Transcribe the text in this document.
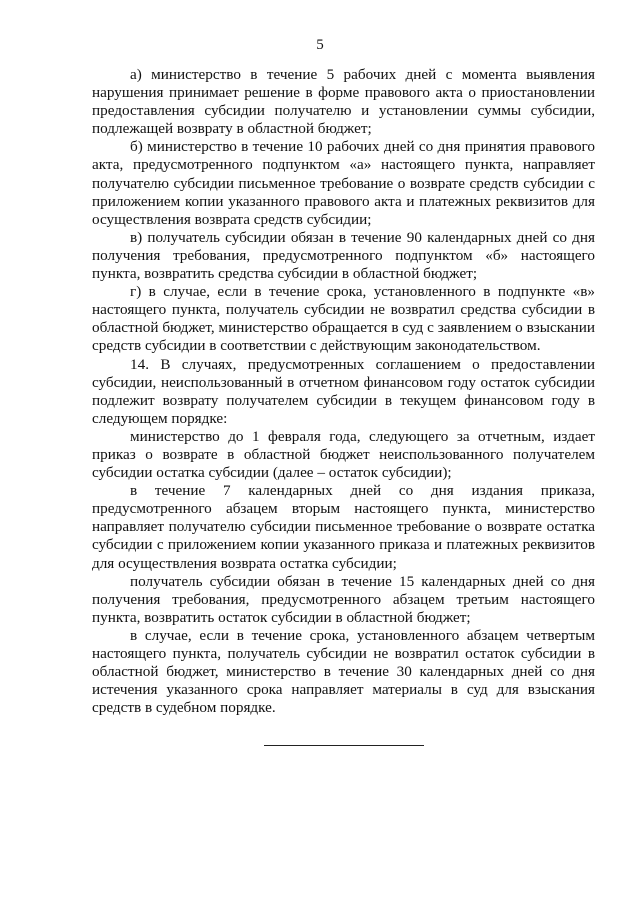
5

а) министерство в течение 5 рабочих дней с момента выявления нарушения принимает решение в форме правового акта о приостановлении предоставления субсидии получателю и установлении суммы субсидии, подлежащей возврату в областной бюджет;

б) министерство в течение 10 рабочих дней со дня принятия правового акта, предусмотренного подпунктом «а» настоящего пункта, направляет получателю субсидии письменное требование о возврате средств субсидии с приложением копии указанного правового акта и платежных реквизитов для осуществления возврата средств субсидии;

в) получатель субсидии обязан в течение 90 календарных дней со дня получения требования, предусмотренного подпунктом «б» настоящего пункта, возвратить средства субсидии в областной бюджет;

г) в случае, если в течение срока, установленного в подпункте «в» настоящего пункта, получатель субсидии не возвратил средства субсидии в областной бюджет, министерство обращается в суд с заявлением о взыскании средств субсидии в соответствии с действующим законодательством.

14. В случаях, предусмотренных соглашением о предоставлении субсидии, неиспользованный в отчетном финансовом году остаток субсидии подлежит возврату получателем субсидии в текущем финансовом году в следующем порядке:

министерство до 1 февраля года, следующего за отчетным, издает приказ о возврате в областной бюджет неиспользованного получателем субсидии остатка субсидии (далее – остаток субсидии);

в течение 7 календарных дней со дня издания приказа, предусмотренного абзацем вторым настоящего пункта, министерство направляет получателю субсидии письменное требование о возврате остатка субсидии с приложением копии указанного приказа и платежных реквизитов для осуществления возврата остатка субсидии;

получатель субсидии обязан в течение 15 календарных дней со дня получения требования, предусмотренного абзацем третьим настоящего пункта, возвратить остаток субсидии в областной бюджет;

в случае, если в течение срока, установленного абзацем четвертым настоящего пункта, получатель субсидии не возвратил остаток субсидии в областной бюджет, министерство в течение 30 календарных дней со дня истечения указанного срока направляет материалы в суд для взыскания средств в судебном порядке.
